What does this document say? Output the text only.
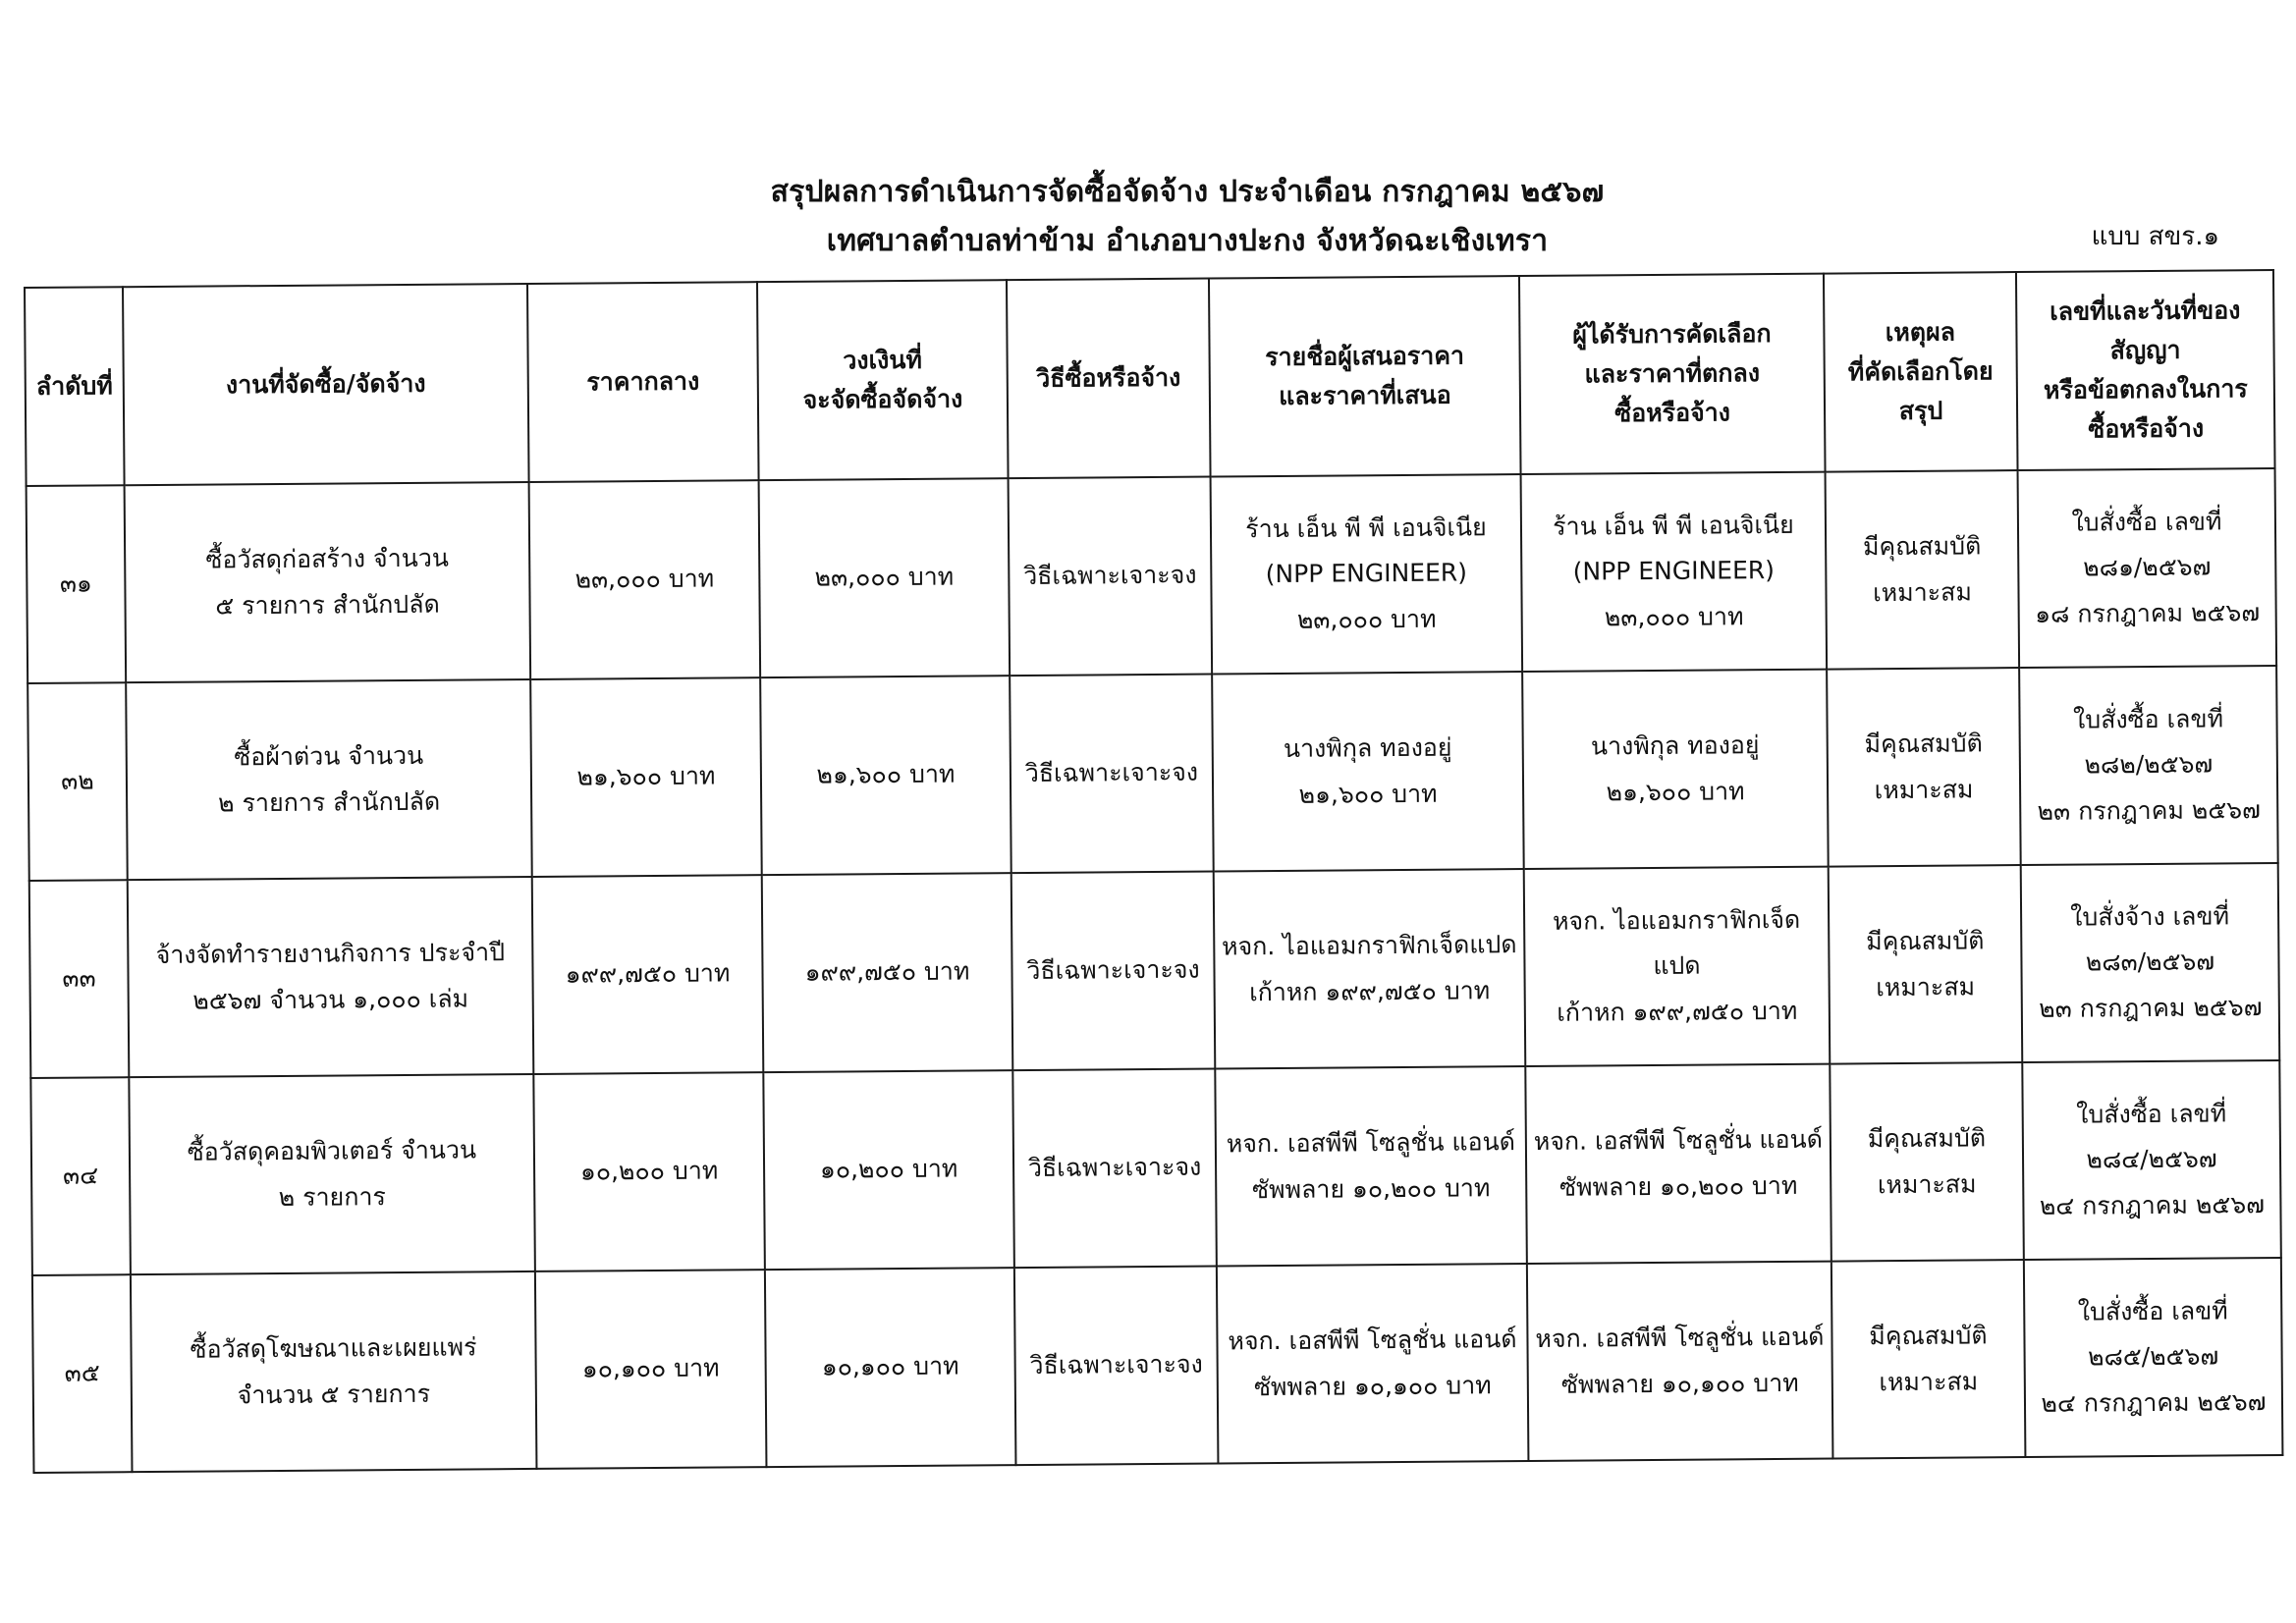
สรุปผลการดำเนินการจัดซื้อจัดจ้าง ประจำเดือน กรกฎาคม ๒๕๖๗
เทศบาลตำบลท่าข้าม อำเภอบางปะกง จังหวัดฉะเชิงเทรา	แบบ สขร.๑
ลำดับที่	งานที่จัดซื้อ/จัดจ้าง	ราคากลาง	วงเงินที่
จะจัดซื้อจัดจ้าง	วิธีซื้อหรือจ้าง	รายชื่อผู้เสนอราคา
และราคาที่เสนอ	ผู้ได้รับการคัดเลือก
และราคาที่ตกลง
ซื้อหรือจ้าง	เหตุผล
ที่คัดเลือกโดย
สรุป	เลขที่และวันที่ของ
สัญญา
หรือข้อตกลงในการ
ซื้อหรือจ้าง
๓๑	ซื้อวัสดุก่อสร้าง จำนวน
๕ รายการ สำนักปลัด	๒๓,๐๐๐ บาท	๒๓,๐๐๐ บาท	วิธีเฉพาะเจาะจง	ร้าน เอ็น พี พี เอนจิเนีย
(NPP ENGINEER)
๒๓,๐๐๐ บาท	ร้าน เอ็น พี พี เอนจิเนีย
(NPP ENGINEER)
๒๓,๐๐๐ บาท	มีคุณสมบัติ
เหมาะสม	ใบสั่งซื้อ เลขที่
๒๘๑/๒๕๖๗
๑๘ กรกฎาคม ๒๕๖๗
๓๒	ซื้อผ้าต่วน จำนวน
๒ รายการ สำนักปลัด	๒๑,๖๐๐ บาท	๒๑,๖๐๐ บาท	วิธีเฉพาะเจาะจง	นางพิกุล ทองอยู่
๒๑,๖๐๐ บาท	นางพิกุล ทองอยู่
๒๑,๖๐๐ บาท	มีคุณสมบัติ
เหมาะสม	ใบสั่งซื้อ เลขที่
๒๘๒/๒๕๖๗
๒๓ กรกฎาคม ๒๕๖๗
๓๓	จ้างจัดทำรายงานกิจการ ประจำปี
๒๕๖๗ จำนวน ๑,๐๐๐ เล่ม	๑๙๙,๗๕๐ บาท	๑๙๙,๗๕๐ บาท	วิธีเฉพาะเจาะจง	หจก. ไอแอมกราฟิกเจ็ดแปด
เก้าหก ๑๙๙,๗๕๐ บาท	หจก. ไอแอมกราฟิกเจ็ดแปด
เก้าหก ๑๙๙,๗๕๐ บาท	มีคุณสมบัติ
เหมาะสม	ใบสั่งจ้าง เลขที่
๒๘๓/๒๕๖๗
๒๓ กรกฎาคม ๒๕๖๗
๓๔	ซื้อวัสดุคอมพิวเตอร์ จำนวน
๒ รายการ	๑๐,๒๐๐ บาท	๑๐,๒๐๐ บาท	วิธีเฉพาะเจาะจง	หจก. เอสพีพี โซลูชั่น แอนด์
ซัพพลาย ๑๐,๒๐๐ บาท	หจก. เอสพีพี โซลูชั่น แอนด์
ซัพพลาย ๑๐,๒๐๐ บาท	มีคุณสมบัติ
เหมาะสม	ใบสั่งซื้อ เลขที่
๒๘๔/๒๕๖๗
๒๔ กรกฎาคม ๒๕๖๗
๓๕	ซื้อวัสดุโฆษณาและเผยแพร่
จำนวน ๕ รายการ	๑๐,๑๐๐ บาท	๑๐,๑๐๐ บาท	วิธีเฉพาะเจาะจง	หจก. เอสพีพี โซลูชั่น แอนด์
ซัพพลาย ๑๐,๑๐๐ บาท	หจก. เอสพีพี โซลูชั่น แอนด์
ซัพพลาย ๑๐,๑๐๐ บาท	มีคุณสมบัติ
เหมาะสม	ใบสั่งซื้อ เลขที่
๒๘๕/๒๕๖๗
๒๔ กรกฎาคม ๒๕๖๗
